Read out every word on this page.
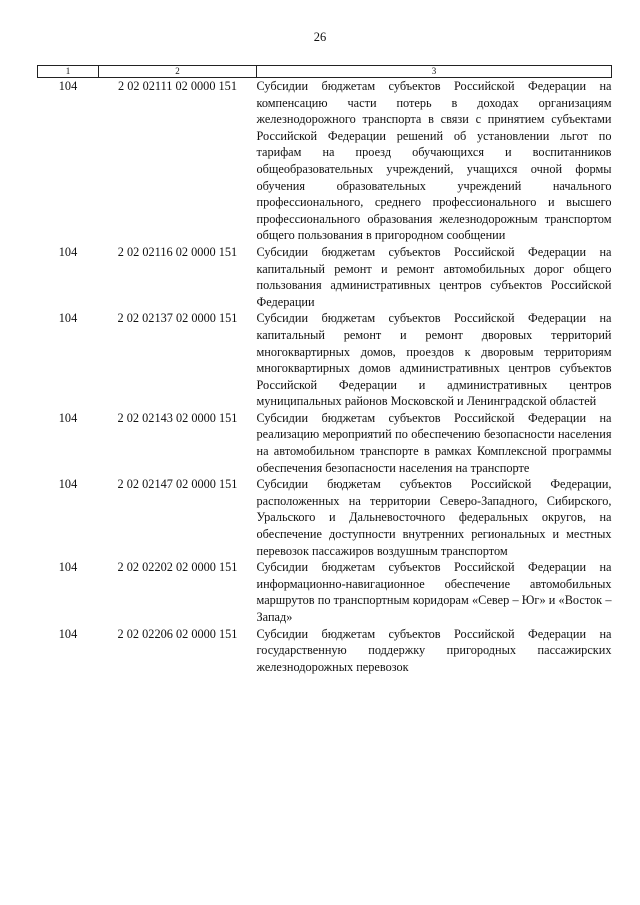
26
1	2	3
104	2 02 02111 02 0000 151	Субсидии бюджетам субъектов Российской Федерации на компенсацию части потерь в доходах организациям железнодорожного транспорта в связи с принятием субъектами Российской Федерации решений об установлении льгот по тарифам на проезд обучающихся и воспитанников общеобразовательных учреждений, учащихся очной формы обучения образовательных учреждений начального профессионального, среднего профессионального и высшего профессионального образования железнодорожным транспортом общего пользования в пригородном сообщении
104	2 02 02116 02 0000 151	Субсидии бюджетам субъектов Российской Федерации на капитальный ремонт и ремонт автомобильных дорог общего пользования административных центров субъектов Российской Федерации
104	2 02 02137 02 0000 151	Субсидии бюджетам субъектов Российской Федерации на капитальный ремонт и ремонт дворовых территорий многоквартирных домов, проездов к дворовым территориям многоквартирных домов административных центров субъектов Российской Федерации и административных центров муниципальных районов Московской и Ленинградской областей
104	2 02 02143 02 0000 151	Субсидии бюджетам субъектов Российской Федерации на реализацию мероприятий по обеспечению безопасности населения на автомобильном транспорте в рамках Комплексной программы обеспечения безопасности населения на транспорте
104	2 02 02147 02 0000 151	Субсидии бюджетам субъектов Российской Федерации, расположенных на территории Северо-Западного, Сибирского, Уральского и Дальневосточного федеральных округов, на обеспечение доступности внутренних региональных и местных перевозок пассажиров воздушным транспортом
104	2 02 02202 02 0000 151	Субсидии бюджетам субъектов Российской Федерации на информационно-навигационное обеспечение автомобильных маршрутов по транспортным коридорам «Север – Юг» и «Восток – Запад»
104	2 02 02206 02 0000 151	Субсидии бюджетам субъектов Российской Федерации на государственную поддержку пригородных пассажирских железнодорожных перевозок
